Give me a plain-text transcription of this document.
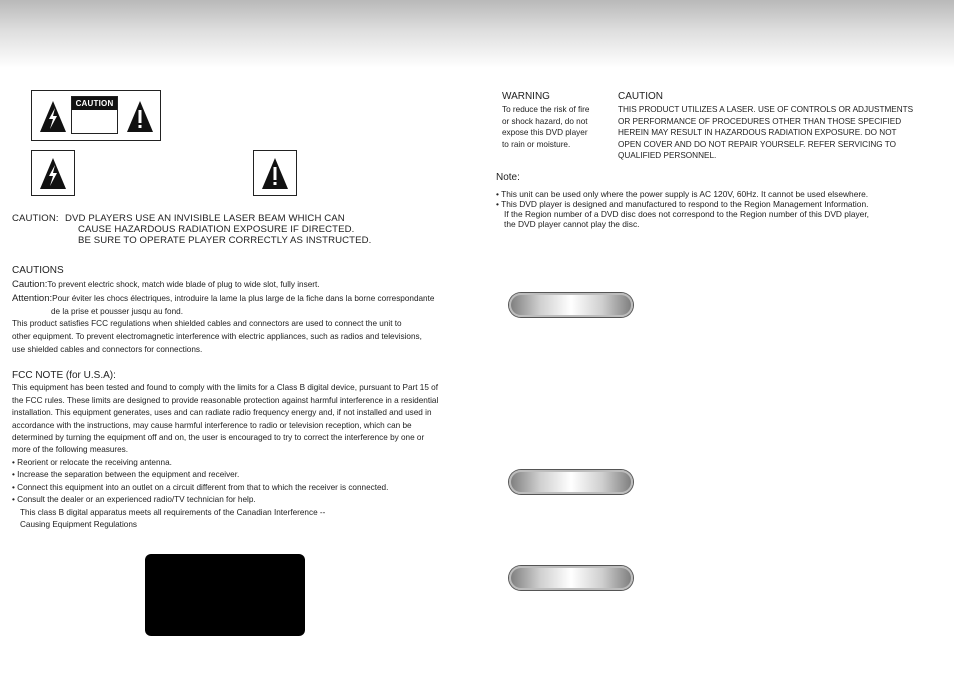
CAUTION
CAUTION: DVD PLAYERS USE AN INVISIBLE LASER BEAM WHICH CAN
CAUSE HAZARDOUS RADIATION EXPOSURE IF DIRECTED.
BE SURE TO OPERATE PLAYER CORRECTLY AS INSTRUCTED.
CAUTIONS
Caution:To prevent electric shock, match wide blade of plug to wide slot, fully insert.
Attention:Pour éviter les chocs électriques, introduire la lame la plus large de la fiche dans la borne correspondante
de la prise et pousser jusqu au fond.
This product satisfies FCC regulations when shielded cables and connectors are used to connect the unit to
other equipment. To prevent electromagnetic interference with electric appliances, such as radios and televisions,
use shielded cables and connectors for connections.
FCC NOTE (for U.S.A):
This equipment has been tested and found to comply with the limits for a Class B digital device, pursuant to Part 15 of
the FCC rules. These limits are designed to provide reasonable protection against harmful interference in a residential
installation. This equipment generates, uses and can radiate radio frequency energy and, if not installed and used in
accordance with the instructions, may cause harmful interference to radio or television reception, which can be
determined by turning the equipment off and on, the user is encouraged to try to correct the interference by one or
more of the following measures.
• Reorient or relocate the receiving antenna.
• Increase the separation between the equipment and receiver.
• Connect this equipment into an outlet on a circuit different from that to which the receiver is connected.
• Consult the dealer or an experienced radio/TV technician for help.
This class B digital apparatus meets all requirements of the Canadian Interference --
Causing Equipment Regulations
WARNING
To reduce the risk of fire
or shock hazard, do not
expose this DVD player
to rain or moisture.
CAUTION
THIS PRODUCT UTILIZES A LASER. USE OF CONTROLS OR ADJUSTMENTS
OR PERFORMANCE OF PROCEDURES OTHER THAN THOSE SPECIFIED
HEREIN MAY RESULT IN HAZARDOUS RADIATION EXPOSURE. DO NOT
OPEN COVER AND DO NOT REPAIR YOURSELF. REFER SERVICING TO
QUALIFIED PERSONNEL.
Note:
• This unit can be used only where the power supply is AC 120V, 60Hz. It cannot be used elsewhere.
• This DVD player is designed and manufactured to respond to the Region Management Information.
If the Region number of a DVD disc does not correspond to the Region number of this DVD player,
the DVD player cannot play the disc.
